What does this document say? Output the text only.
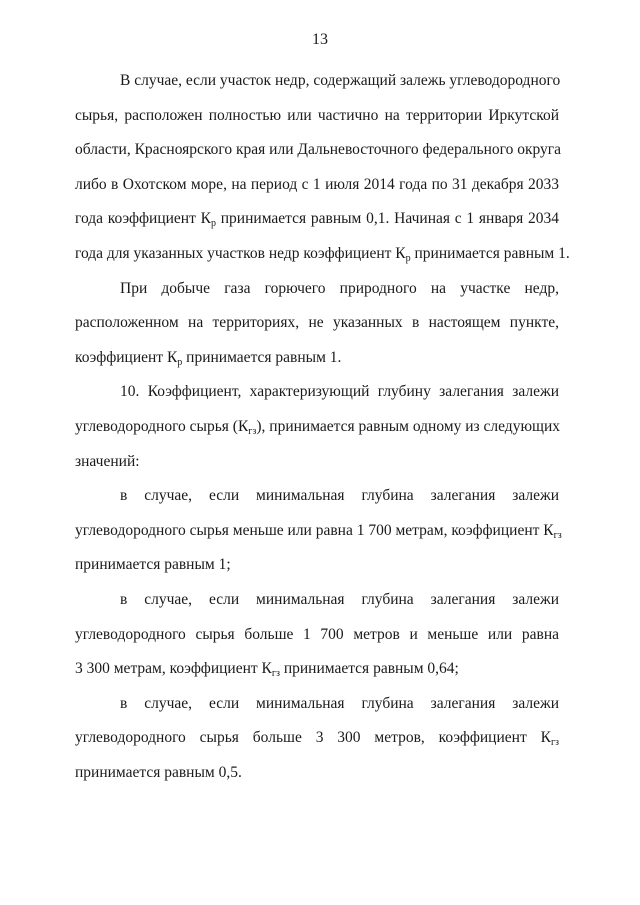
13
В случае, если участок недр, содержащий залежь углеводородного
сырья, расположен полностью или частично на территории Иркутской
области, Красноярского края или Дальневосточного федерального округа
либо в Охотском море, на период с 1 июля 2014 года по 31 декабря 2033
года коэффициент $К_р$ принимается равным 0,1. Начиная с 1 января 2034
года для указанных участков недр коэффициент $К_р$ принимается равным 1.
При добыче газа горючего природного на участке недр,
расположенном на территориях, не указанных в настоящем пункте,
коэффициент $К_р$ принимается равным 1.
10. Коэффициент, характеризующий глубину залегания залежи
углеводородного сырья $(К_{гз})$, принимается равным одному из следующих
значений:
в случае, если минимальная глубина залегания залежи
углеводородного сырья меньше или равна 1 700 метрам, коэффициент $К_{гз}$
принимается равным 1;
в случае, если минимальная глубина залегания залежи
углеводородного сырья больше 1 700 метров и меньше или равна
3 300 метрам, коэффициент $К_{гз}$ принимается равным 0,64;
в случае, если минимальная глубина залегания залежи
углеводородного сырья больше 3 300 метров, коэффициент $К_{гз}$
принимается равным 0,5.
